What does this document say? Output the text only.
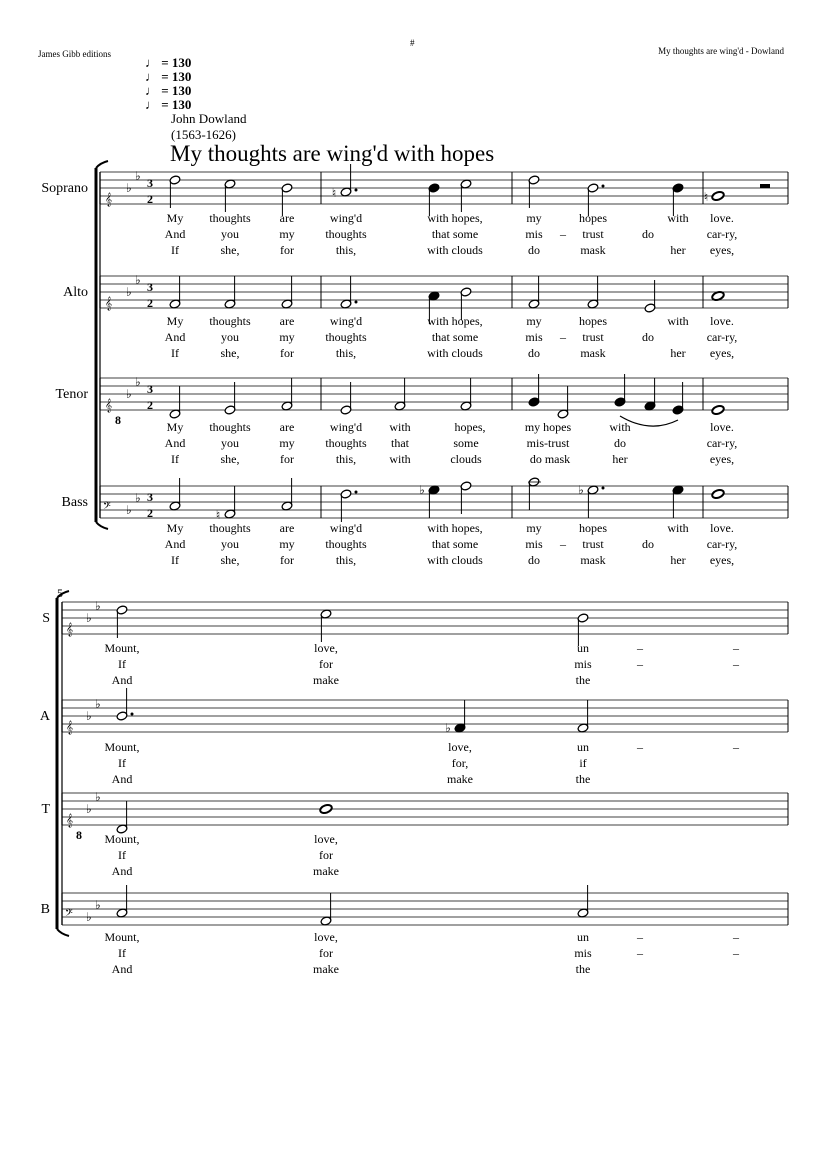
James Gibb editions
#
My thoughts are wing'd - Dowland
♩ = 130
♩ = 130
♩ = 130
♩ = 130
John Dowland
(1563-1626)
My thoughts are wing'd with hopes
Soprano
𝄞
♭
♭ 3
2
Alto
𝄞
♭
♭ 3
2
Tenor
𝄞
8
♭
♭ 3
2
Bass 𝄢 ♭
♭ 3
2
♮	♮
♮
♭	♭
My thoughts are	wing'd	with hopes,	my	hopes	with love.
And	you	my	thoughts	that some	mis – trust	do	car-ry,
If	she,	for	this,	with clouds	do	mask	her eyes,
My thoughts are	wing'd	with hopes,	my	hopes	with love.
And	you	my	thoughts	that some	mis – trust	do	car-ry,
If	she,	for	this,	with clouds	do	mask	her eyes,
My thoughts are	wing'd with	hopes,	my hopes	with	love.
And	you	my	thoughts that	some	mis-trust	do	car-ry,
If	she,	for	this,	with	clouds	do mask	her	eyes,
My thoughts are	wing'd	with hopes,	my	hopes	with love.
And	you	my	thoughts	that some	mis – trust	do	car-ry,
If	she,	for	this,	with clouds	do	mask	her eyes,
5
S
𝄞
♭
♭
A
𝄞
♭
♭
T
𝄞
8
♭
♭
B 𝄢 ♭
♭
♭
Mount,	love,	un	–	–
If	for	mis	–	–
And	make	the
Mount,	love,	un	–	–
If	for,	if
And	make	the
Mount,	love,
If	for
And	make
Mount,	love,	un	–	–
If	for	mis	–	–
And	make	the
